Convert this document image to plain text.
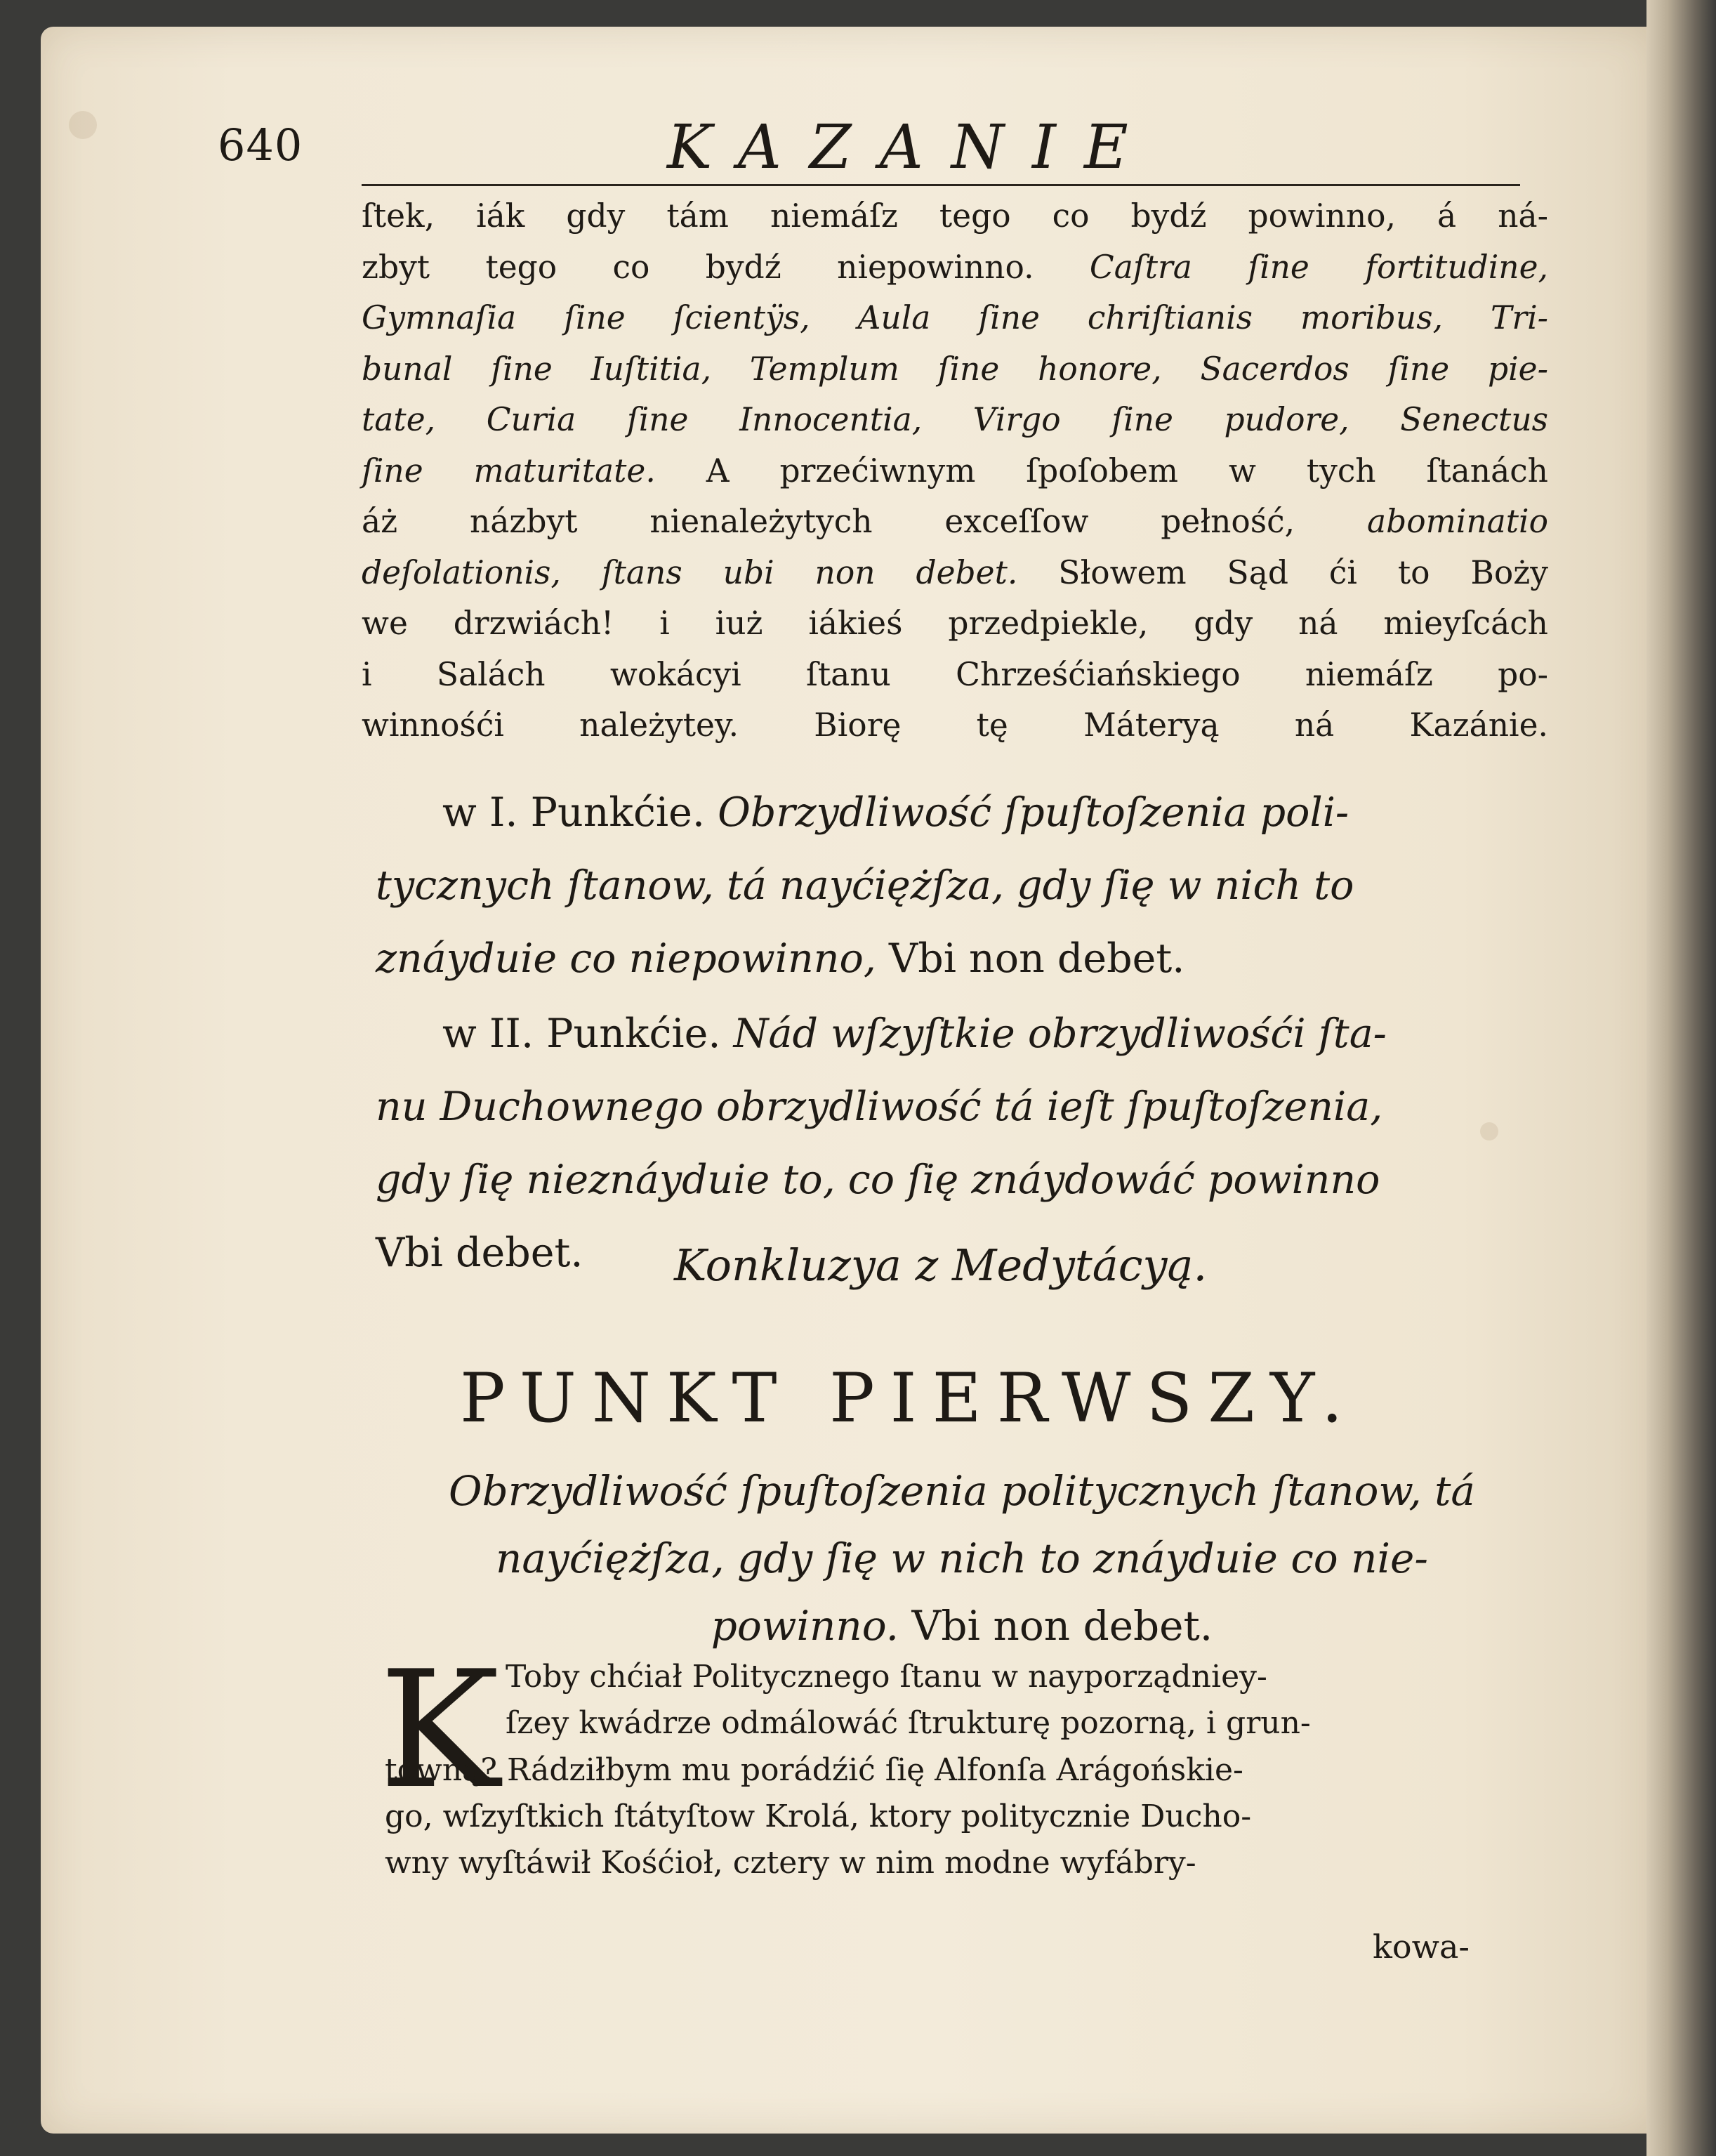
640	KAZANIE
ſtek, iák gdy tám niemáſz tego co bydź powinno, á ná-
zbyt tego co bydź niepowinno. Caſtra ſine fortitudine,
Gymnaſia ſine ſcientÿs, Aula ſine chriſtianis moribus, Tri-
bunal ſine Iuſtitia, Templum ſine honore, Sacerdos ſine pie-
tate, Curia ſine Innocentia, Virgo ſine pudore, Senectus
ſine maturitate. A przećiwnym ſpoſobem w tych ſtanách
áż názbyt nienależytych exceſſow pełność, abominatio
deſolationis, ſtans ubi non debet. Słowem Sąd ći to Boży
we drzwiách! i iuż iákieś przedpiekle, gdy ná mieyſcách
i Salách wokácyi ſtanu Chrześćiańskiego niemáſz po-
winnośći należytey. Biorę tę Máteryą ná Kazánie.
w I. Punkćie. Obrzydliwość ſpuſtoſzenia poli-
tycznych ſtanow, tá nayćiężſza, gdy ſię w nich to
znáyduie co niepowinno, Vbi non debet.
w II. Punkćie. Nád wſzyſtkie obrzydliwośći ſta-
nu Duchownego obrzydliwość tá ieſt ſpuſtoſzenia,
gdy ſię nieznáyduie to, co ſię znáydowáć powinno
Vbi debet.	Konkluzya z Medytácyą.
PUNKT PIERWSZY.
Obrzydliwość ſpuſtoſzenia politycznych ſtanow, tá
nayćiężſza, gdy ſię w nich to znáyduie co nie-
powinno. Vbi non debet.
K Toby chćiał Politycznego ſtanu w nayporządniey-
ſzey kwádrze odmálowáć ſtrukturę pozorną, i grun-
towną? Rádziłbym mu porádźić ſię Alfonſa Arágońskie-
go, wſzyſtkich ſtátyſtow Krolá, ktory politycznie Ducho-
wny wyſtáwił Kośćioł, cztery w nim modne wyfábry-
kowa-
